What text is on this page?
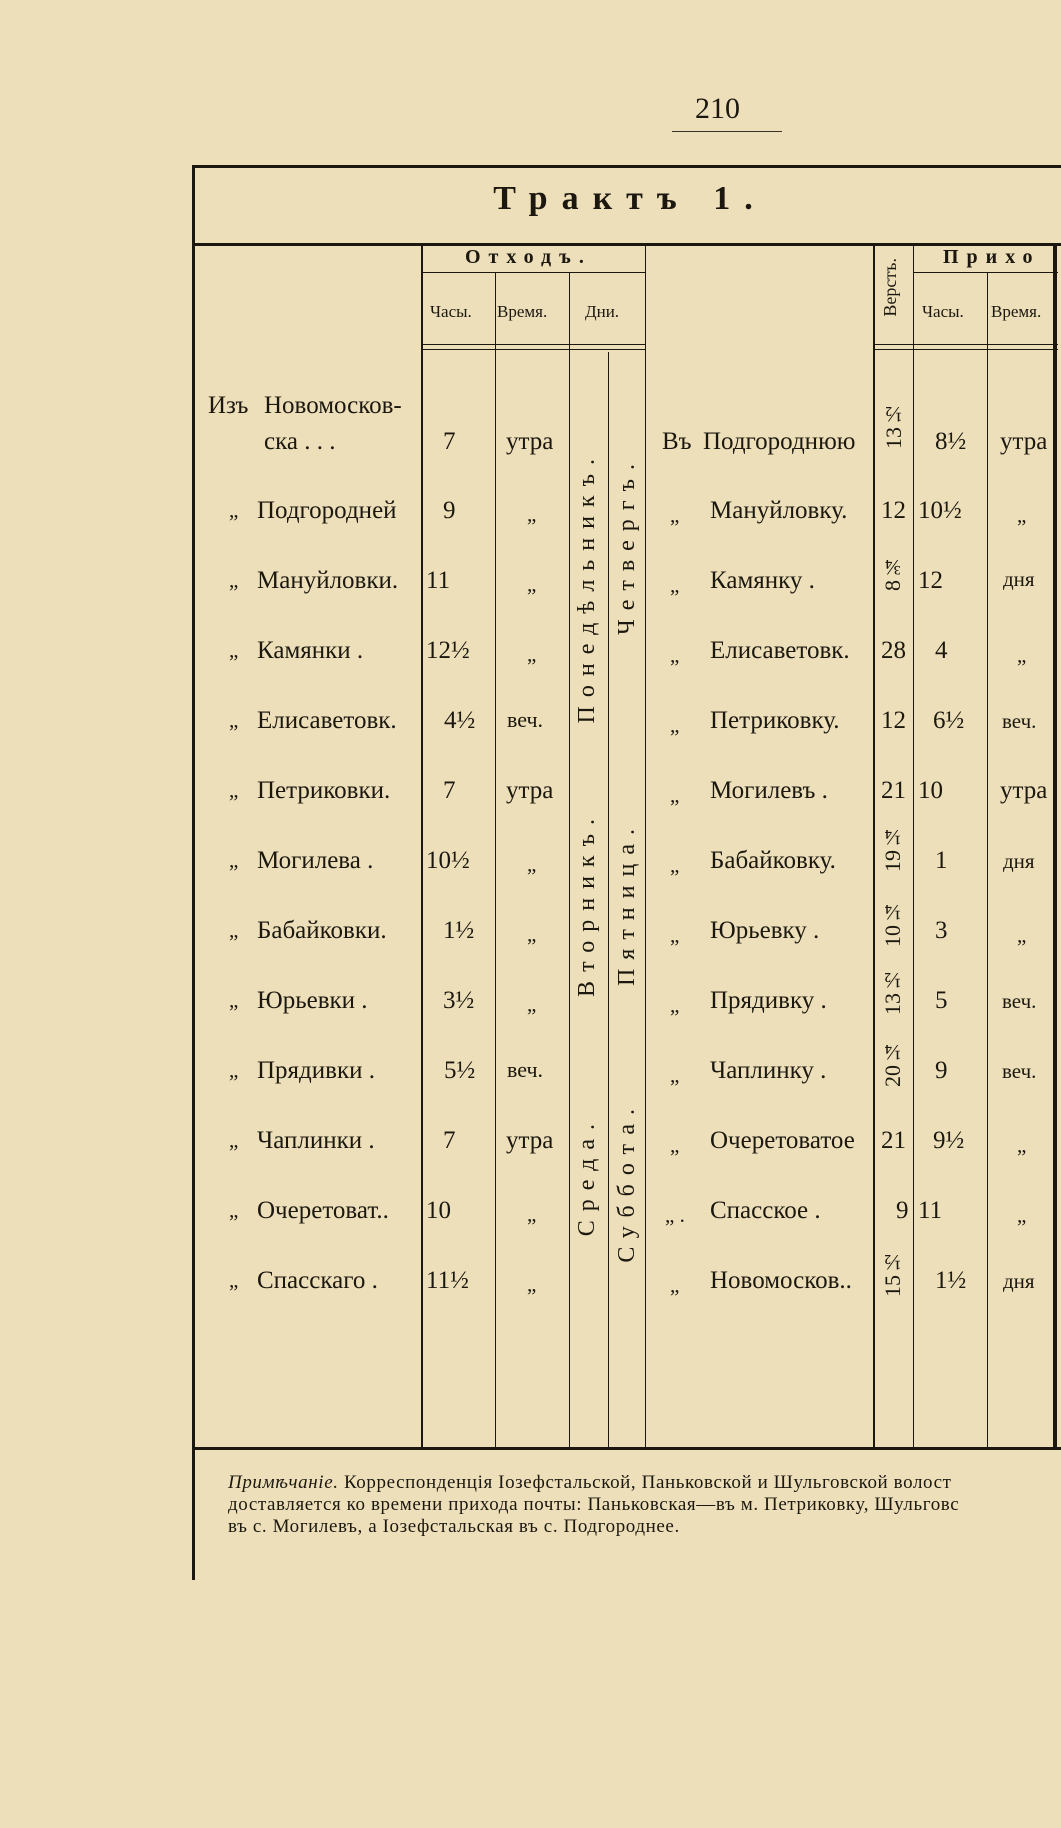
210
Трактъ 1.
Отходъ.	Прихо
Часы. Время. Дни.	Верстъ. Часы. Время.
Понедѣльникъ. Четвергъ.
Вторникъ. Пятница.
Среда. Суббота.
Изъ Новомосков-
ска . . .	7 утра	Въ Подгороднюю 13½ 8½ утра
„ Подгородней 9	„	„ Мануйловку. 12 10½	„
„ Мануйловки. 11	„	„ Камянку .	8¾ 12	дня
„ Камянки .	12½	„	„ Елисаветовк. 28 4	„
„ Елисаветовк. 4½ веч.	„ Петриковку. 12 6½ веч.
„ Петриковки. 7 утра	„ Могилевъ . 21 10 утра
„ Могилева . 10½	„	„ Бабайковку. 19¼ 1	дня
„ Бабайковки. 1½	„	„ Юрьевку .	10¼ 3	„
„ Юрьевки .	3½	„	„ Прядивку . 13½ 5	веч.
„ Прядивки .	5½ веч.	„ Чаплинку . 20¼ 9	веч.
„ Чаплинки .	7 утра	„ Очеретоватое 21 9½	„
„ Очеретоват.. 10	„	„ . Спасское .	9 11	„
„ Спасскаго . 11½	„	„ Новомосков.. 15½ 1½ дня
Примѣчаніе. Корреспонденція Іозефстальской, Паньковской и Шульговской волост
доставляется ко времени прихода почты: Паньковская—въ м. Петриковку, Шульговс
въ с. Могилевъ, а Іозефстальская въ с. Подгороднее.
